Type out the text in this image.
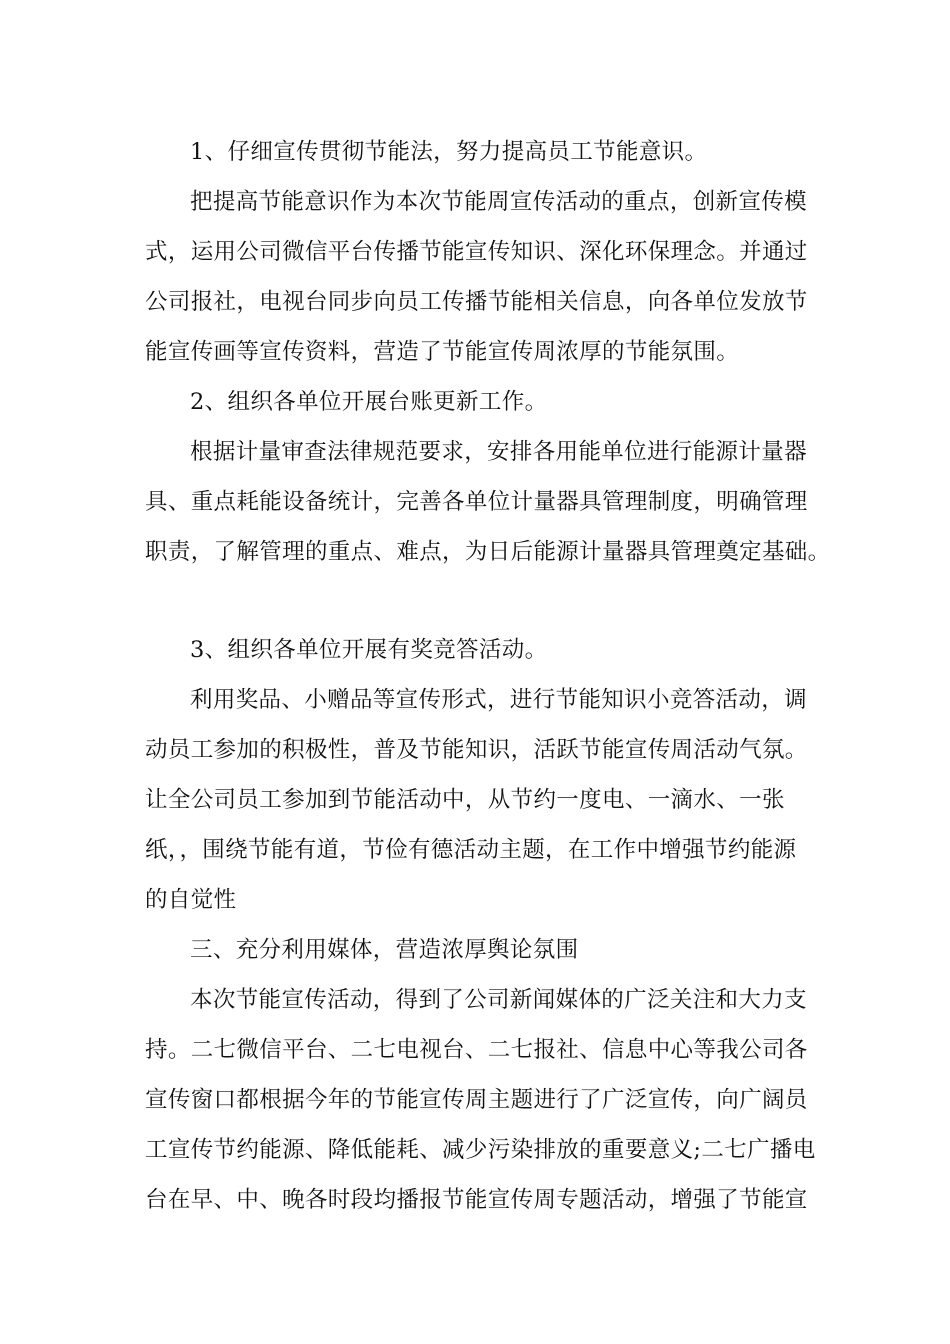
1、仔细宣传贯彻节能法，努力提高员工节能意识。
把提高节能意识作为本次节能周宣传活动的重点，创新宣传模
式，运用公司微信平台传播节能宣传知识、深化环保理念。并通过
公司报社，电视台同步向员工传播节能相关信息，向各单位发放节
能宣传画等宣传资料，营造了节能宣传周浓厚的节能氛围。
2、组织各单位开展台账更新工作。
根据计量审查法律规范要求，安排各用能单位进行能源计量器
具、重点耗能设备统计，完善各单位计量器具管理制度，明确管理
职责，了解管理的重点、难点，为日后能源计量器具管理奠定基础。
3、组织各单位开展有奖竞答活动。
利用奖品、小赠品等宣传形式，进行节能知识小竞答活动，调
动员工参加的积极性，普及节能知识，活跃节能宣传周活动气氛。
让全公司员工参加到节能活动中，从节约一度电、一滴水、一张
纸，，围绕节能有道，节俭有德活动主题，在工作中增强节约能源
的自觉性
三、充分利用媒体，营造浓厚舆论氛围
本次节能宣传活动，得到了公司新闻媒体的广泛关注和大力支
持。二七微信平台、二七电视台、二七报社、信息中心等我公司各
宣传窗口都根据今年的节能宣传周主题进行了广泛宣传，向广阔员
工宣传节约能源、降低能耗、减少污染排放的重要意义;二七广播电
台在早、中、晚各时段均播报节能宣传周专题活动，增强了节能宣
